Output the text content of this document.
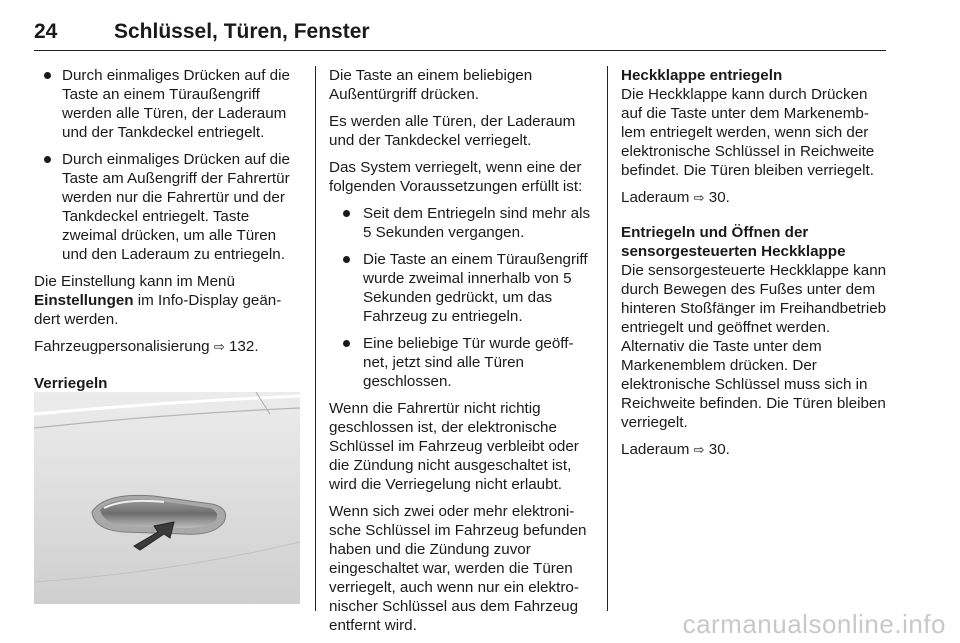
24	Schlüssel, Türen, Fenster
Durch einmaliges Drücken auf die Taste an einem Türaußengriff werden alle Türen, der Laderaum und der Tankdeckel entriegelt.
Durch einmaliges Drücken auf die Taste am Außengriff der Fahrertür werden nur die Fahrertür und der Tankdeckel entriegelt. Taste zweimal drücken, um alle Türen und den Laderaum zu entriegeln.

Die Einstellung kann im Menü Einstellungen im Info-Display geändert werden.

Fahrzeugpersonalisierung ⇨ 132.

Verriegeln

Die Taste an einem beliebigen Außentürgriff drücken.

Es werden alle Türen, der Laderaum und der Tankdeckel verriegelt.

Das System verriegelt, wenn eine der folgenden Voraussetzungen erfüllt ist:

Seit dem Entriegeln sind mehr als 5 Sekunden vergangen.
Die Taste an einem Türaußengriff wurde zweimal innerhalb von 5 Sekunden gedrückt, um das Fahrzeug zu entriegeln.
Eine beliebige Tür wurde geöffnet, jetzt sind alle Türen geschlossen.

Wenn die Fahrertür nicht richtig geschlossen ist, der elektronische Schlüssel im Fahrzeug verbleibt oder die Zündung nicht ausgeschaltet ist, wird die Verriegelung nicht erlaubt.

Wenn sich zwei oder mehr elektronische Schlüssel im Fahrzeug befunden haben und die Zündung zuvor eingeschaltet war, werden die Türen verriegelt, auch wenn nur ein elektronischer Schlüssel aus dem Fahrzeug entfernt wird.

Heckklappe entriegeln

Die Heckklappe kann durch Drücken auf die Taste unter dem Markenemblem entriegelt werden, wenn sich der elektronische Schlüssel in Reichweite befindet. Die Türen bleiben verriegelt.

Laderaum ⇨ 30.

Entriegeln und Öffnen der sensorgesteuerten Heckklappe

Die sensorgesteuerte Heckklappe kann durch Bewegen des Fußes unter dem hinteren Stoßfänger im Freihandbetrieb entriegelt und geöffnet werden. Alternativ die Taste unter dem Markenemblem drücken. Der elektronische Schlüssel muss sich in Reichweite befinden. Die Türen bleiben verriegelt.

Laderaum ⇨ 30.

carmanualsonline.info
